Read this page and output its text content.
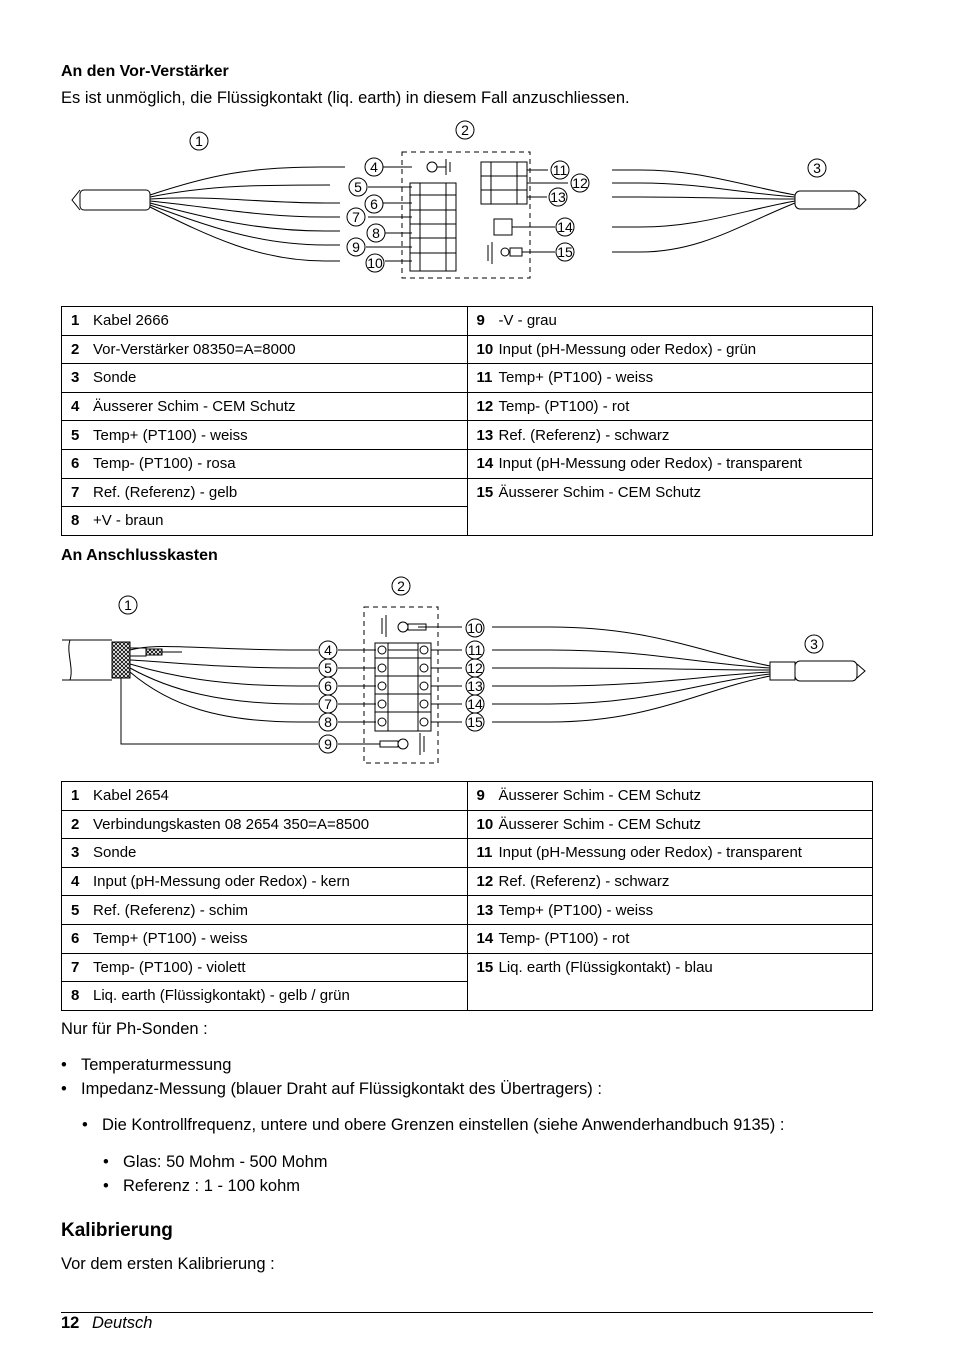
An den Vor-Verstärker
Es ist unmöglich, die Flüssigkontakt (liq. earth) in diesem Fall anzuschliessen.
1
2
3
4
5
6
7
8
9
10
11
12
13
14
15
1 Kabel 2666	9 -V - grau
2 Vor-Verstärker 08350=A=8000	10 Input (pH-Messung oder Redox) - grün
3 Sonde	11 Temp+ (PT100) - weiss
4 Äusserer Schim - CEM Schutz	12 Temp- (PT100) - rot
5 Temp+ (PT100) - weiss	13 Ref. (Referenz) - schwarz
6 Temp- (PT100) - rosa	14 Input (pH-Messung oder Redox) - transparent
7 Ref. (Referenz) - gelb	15 Äusserer Schim - CEM Schutz
8 +V - braun	
An Anschlusskasten
1
2
3
4
5
6
7
8
9
10
11
12
13
14
15
1 Kabel 2654	9 Äusserer Schim - CEM Schutz
2 Verbindungskasten 08 2654 350=A=8500	10 Äusserer Schim - CEM Schutz
3 Sonde	11 Input (pH-Messung oder Redox) - transparent
4 Input (pH-Messung oder Redox) - kern	12 Ref. (Referenz) - schwarz
5 Ref. (Referenz) - schim	13 Temp+ (PT100) - weiss
6 Temp+ (PT100) - weiss	14 Temp- (PT100) - rot
7 Temp- (PT100) - violett	15 Liq. earth (Flüssigkontakt) - blau
8 Liq. earth (Flüssigkontakt) - gelb / grün	
Nur für Ph-Sonden :
• Temperaturmessung
• Impedanz-Messung (blauer Draht auf Flüssigkontakt des Übertragers) :
• Die Kontrollfrequenz, untere und obere Grenzen einstellen (siehe Anwenderhandbuch 9135) :
• Glas: 50 Mohm - 500 Mohm
• Referenz : 1 - 100 kohm
Kalibrierung
Vor dem ersten Kalibrierung :
12 Deutsch
